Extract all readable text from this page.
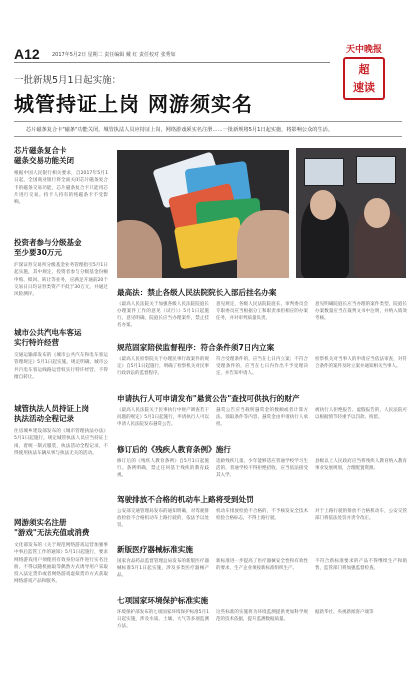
A12 2017年5月2日 星期二 责任编辑 戴 红 责任校对 张秀如	天中晚报
超
速读
一批新规5月1日起实施：
城管持证上岗 网游须实名
芯片磁条复合卡"磁条"功能关闭，城管执法人员应持证上岗，网络游戏须实名注册……一批新规将5月1日起实施，将影响公众的生活。
芯片磁条复合卡
磁条交易功能关闭

根据中国人民银行相关要求，自2017年5月1日起，全国商业银行将全面关闭芯片磁条复合卡的磁条交易功能，芯片磁条复合卡只能用芯片进行交易。持卡人持有的纯磁条卡不受影响。

投资者参与分级基金
至少要30万元

沪深证券交易所分级基金业务管理指引5月1日起实施，其中规定，投资者参与分级基金份额申购、赎回、转让等业务，应满足开通前20个交易日日均证券类资产不低于30万元，并通过风险测评。

城市公共汽电车客运
实行特许经营

交通运输部发布的《城市公共汽车和电车客运管理规定》5月1日起实施。规定明确，城市公共汽电车客运线路运营权实行特许经营，不得擅自转让。

城管执法人员持证上岗
执法活动全程记录

住房城乡建设部发布的《城市管理执法办法》5月1日起施行。规定城管执法人员应当持证上岗，着统一制式服装，执法活动全程记录，不得使用执法车辆从事与执法无关的活动。

网游须实名注册
"游戏"无法充值或消费

文化部发布的《关于规范网络游戏运营加强事中事后监管工作的通知》5月1日起施行，要求网络游戏用户须使用有效身份证件进行实名注册。不得以随机抽取等偶然方式诱导用户采取投入法定货币或者网络游戏虚拟货币方式获取网络游戏产品和服务。

最高法：禁止各级人民法院院长入部后挂名办案

《最高人民法院关于加强各级人民法院院庭长办理案件工作的意见（试行）》5月1日起施行。意见明确，院庭长应当办理案件，禁止挂名办案。

意见规定，各级人民法院院庭长、审判委员会专职委员应当根据分工和职责承担相应的办案任务，并对审判质量负责。

意见明确院庭长应当办理的案件类型，院庭长办案数量应当在裁判文书中注明，并纳入绩效考核。

规范固家陪侯监督程序：符合条件须7日内立案

《最高人民检察院关于办理民事行政案件的规定》自5月1日起施行，明确了检察机关对民事行政诉讼的监督程序。

符合受理条件的，应当在七日内立案；不符合受理条件的，应当在七日内作出不予受理决定，并告知申请人。

检察机关对当事人的申请应当依法审查，对符合条件的案件及时立案并通知相关当事人。

申请执行人可申请发布"悬赏公告"查找可供执行的财产

《最高人民法院关于民事执行中财产调查若干问题的规定》5月1日起施行，申请执行人可以申请人民法院发布悬赏公告。

悬赏公告应当载明悬赏金的数额或者计算方法、领取条件等内容，悬赏金由申请执行人承担。

被执行人拒绝报告、虚假报告的，人民法院可以根据情节轻重予以罚款、拘留。

修订后的《残疾人教育条例》施行

修订后的《残疾人教育条例》自5月1日起施行。条例明确，禁止任何基于残疾的教育歧视。

适龄残疾儿童、少年能够适应普通学校学习生活的，普通学校不得拒绝招收，应当依法接受其入学。

县级以上人民政府应当将残疾人教育纳入教育事业发展规划，合理配置资源。

驾驶排放不合格的机动车上路将受到处罚

公安部交通管理局发布的通知明确，对驾驶排放检验不合格机动车上路行驶的，依法予以处罚。

机动车排放检验不合格的，不予核发安全技术检验合格标志，不得上路行驶。

对于上路行驶的排放不合格机动车，公安交管部门将依法处罚并责令改正。

新版医疗器械标准实施

国家食品药品监督管理总局发布的新版医疗器械标准5月1日起实施，涉及多类医疗器械产品。

新标准进一步提高了医疗器械安全性和有效性的要求，生产企业须按新标准组织生产。

不符合新标准要求的产品不得继续生产和销售，监管部门将加强监督检查。

七项国家环境保护标准实施

环境保护部发布的七项国家环境保护标准5月1日起实施，涉及水质、土壤、大气等多项监测方法。

这些标准的实施将为环境监测提供更加科学规范的技术依据，提升监测数据质量。

据新华社、央视新闻客户端等
